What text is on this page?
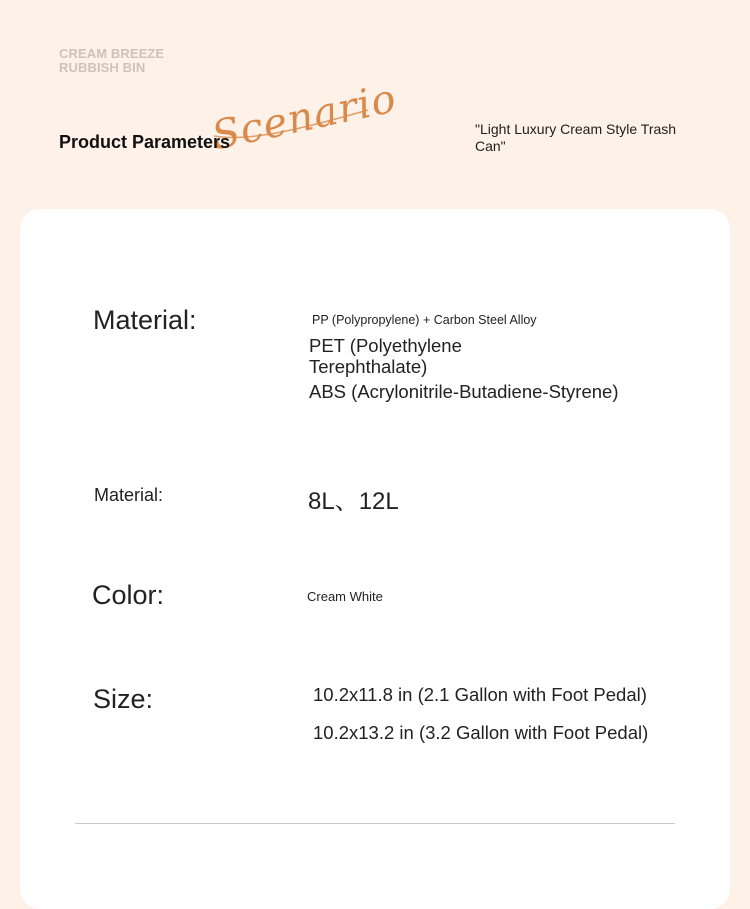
CREAM BREEZE
RUBBISH BIN
Scenario
Product Parameters
"Light Luxury Cream Style Trash Can"
Material:	PP (Polypropylene) + Carbon Steel Alloy
PET (Polyethylene
Terephthalate)
ABS (Acrylonitrile-Butadiene-Styrene)
Material:	8L、12L
Color:	Cream White
Size:	10.2x11.8 in (2.1 Gallon with Foot Pedal)
10.2x13.2 in (3.2 Gallon with Foot Pedal)
